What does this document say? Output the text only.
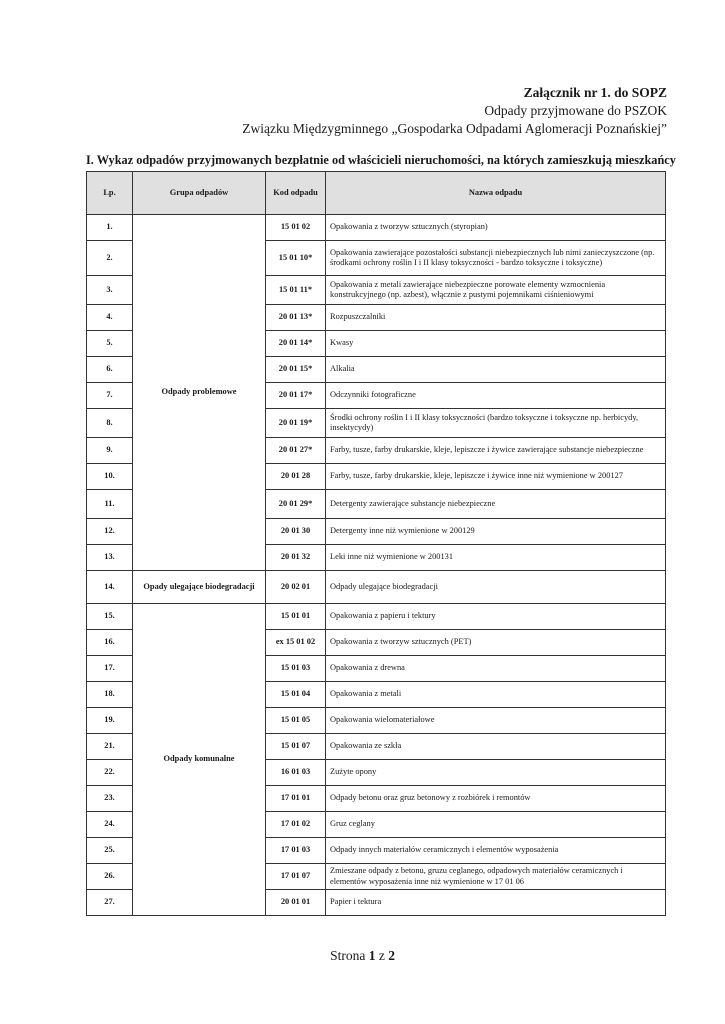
Załącznik nr 1. do SOPZ
Odpady przyjmowane do PSZOK
Związku Międzygminnego „Gospodarka Odpadami Aglomeracji Poznańskiej”
I. Wykaz odpadów przyjmowanych bezpłatnie od właścicieli nieruchomości, na których zamieszkują mieszkańcy
Lp.	Grupa odpadów	Kod odpadu	Nazwa odpadu
1.	Odpady problemowe	15 01 02	Opakowania z tworzyw sztucznych (styropian)
2.		15 01 10*	Opakowania zawierające pozostałości substancji niebezpiecznych lub nimi zanieczyszczone (np. środkami ochrony roślin I i II klasy toksyczności - bardzo toksyczne i toksyczne)
3.		15 01 11*	Opakowania z metali zawierające niebezpieczne porowate elementy wzmocnienia konstrukcyjnego (np. azbest), włącznie z pustymi pojemnikami ciśnieniowymi
4.		20 01 13*	Rozpuszczalniki
5.		20 01 14*	Kwasy
6.		20 01 15*	Alkalia
7.		20 01 17*	Odczynniki fotograficzne
8.		20 01 19*	Środki ochrony roślin I i II klasy toksyczności (bardzo toksyczne i toksyczne np. herbicydy, insektycydy)
9.		20 01 27*	Farby, tusze, farby drukarskie, kleje, lepiszcze i żywice zawierające substancje niebezpieczne
10.		20 01 28	Farby, tusze, farby drukarskie, kleje, lepiszcze i żywice inne niż wymienione w 200127
11.		20 01 29*	Detergenty zawierające substancje niebezpieczne
12.		20 01 30	Detergenty inne niż wymienione w 200129
13.		20 01 32	Leki inne niż wymienione w 200131
14.	Opady ulegające biodegradacji	20 02 01	Odpady ulegające biodegradacji
15.	Odpady komunalne	15 01 01	Opakowania z papieru i tektury
16.		ex 15 01 02	Opakowania z tworzyw sztucznych (PET)
17.		15 01 03	Opakowania z drewna
18.		15 01 04	Opakowania z metali
19.		15 01 05	Opakowania wielomateriałowe
21.		15 01 07	Opakowania ze szkła
22.		16 01 03	Zużyte opony
23.		17 01 01	Odpady betonu oraz gruz betonowy z rozbiórek i remontów
24.		17 01 02	Gruz ceglany
25.		17 01 03	Odpady innych materiałów ceramicznych i elementów wyposażenia
26.		17 01 07	Zmieszane odpady z betonu, gruzu ceglanego, odpadowych materiałów ceramicznych i elementów wyposażenia inne niż wymienione w 17 01 06
27.		20 01 01	Papier i tektura
Strona 1 z 2
